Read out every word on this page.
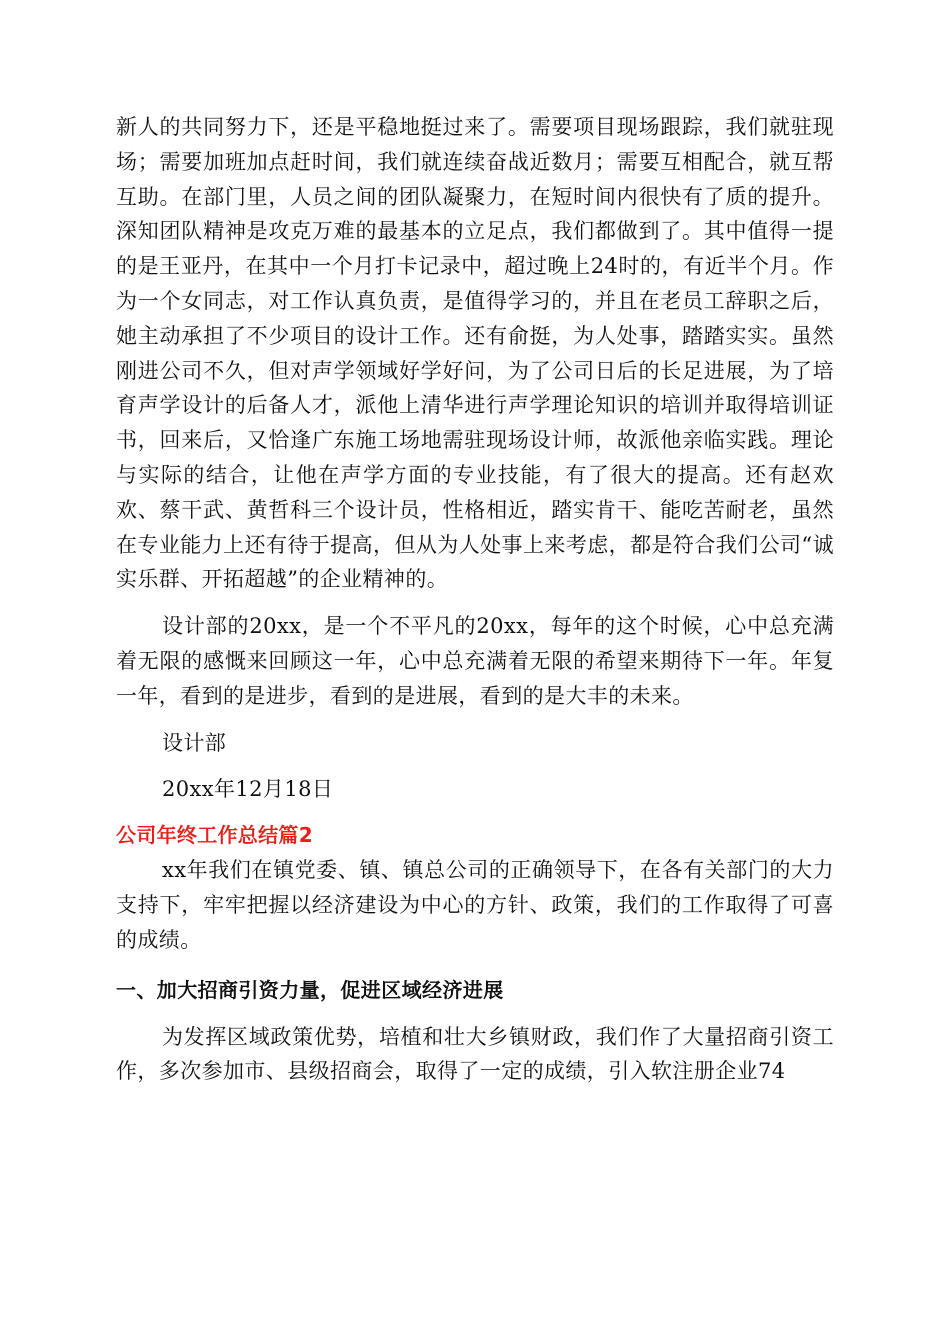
新人的共同努力下，还是平稳地挺过来了。需要项目现场跟踪，我们就驻现场；需要加班加点赶时间，我们就连续奋战近数月；需要互相配合，就互帮互助。在部门里，人员之间的团队凝聚力，在短时间内很快有了质的提升。深知团队精神是攻克万难的最基本的立足点，我们都做到了。其中值得一提的是王亚丹，在其中一个月打卡记录中，超过晚上24时的，有近半个月。作为一个女同志，对工作认真负责，是值得学习的，并且在老员工辞职之后，她主动承担了不少项目的设计工作。还有俞挺，为人处事，踏踏实实。虽然刚进公司不久，但对声学领域好学好问，为了公司日后的长足进展，为了培育声学设计的后备人才，派他上清华进行声学理论知识的培训并取得培训证书，回来后，又恰逢广东施工场地需驻现场设计师，故派他亲临实践。理论与实际的结合，让他在声学方面的专业技能，有了很大的提高。还有赵欢欢、蔡干武、黄哲科三个设计员，性格相近，踏实肯干、能吃苦耐老，虽然在专业能力上还有待于提高，但从为人处事上来考虑，都是符合我们公司“诚实乐群、开拓超越”的企业精神的。

设计部的20xx，是一个不平凡的20xx，每年的这个时候，心中总充满着无限的感慨来回顾这一年，心中总充满着无限的希望来期待下一年。年复一年，看到的是进步，看到的是进展，看到的是大丰的未来。

设计部

20xx年12月18日

公司年终工作总结篇2

xx年我们在镇党委、镇、镇总公司的正确领导下，在各有关部门的大力支持下，牢牢把握以经济建设为中心的方针、政策，我们的工作取得了可喜的成绩。

一、加大招商引资力量，促进区域经济进展

为发挥区域政策优势，培植和壮大乡镇财政，我们作了大量招商引资工作，多次参加市、县级招商会，取得了一定的成绩，引入软注册企业74
